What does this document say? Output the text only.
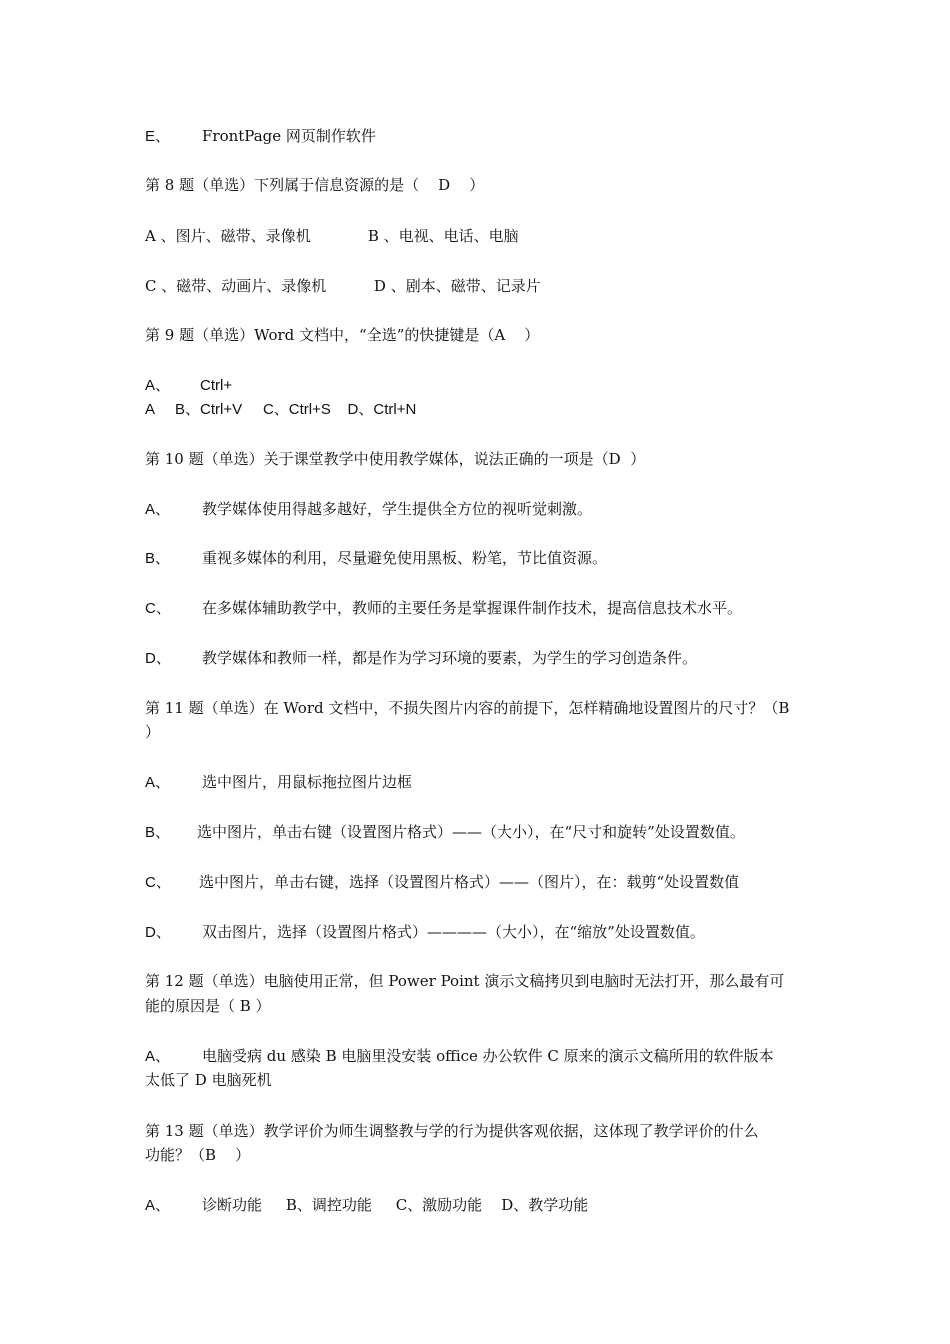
E、 FrontPage 网页制作软件
第 8 题（单选）下列属于信息资源的是（    D    ）
A 、图片、磁带、录像机            B 、电视、电话、电脑
C 、磁带、动画片、录像机          D 、剧本、磁带、记录片
第 9 题（单选）Word 文档中，“全选”的快捷键是（A    ）
A、 Ctrl+
A     B、Ctrl+V     C、Ctrl+S    D、Ctrl+N
第 10 题（单选）关于课堂教学中使用教学媒体，说法正确的一项是（D  ）
A、 教学媒体使用得越多越好，学生提供全方位的视听觉刺激。
B、 重视多媒体的利用，尽量避免使用黑板、粉笔，节比值资源。
C、 在多媒体辅助教学中，教师的主要任务是掌握课件制作技术，提高信息技术水平。
D、 教学媒体和教师一样，都是作为学习环境的要素，为学生的学习创造条件。
第 11 题（单选）在 Word 文档中，不损失图片内容的前提下，怎样精确地设置图片的尺寸？（B
）
A、 选中图片，用鼠标拖拉图片边框
B、 选中图片，单击右键（设置图片格式）——（大小），在“尺寸和旋转”处设置数值。
C、 选中图片，单击右键，选择（设置图片格式）——（图片），在：载剪“处设置数值
D、 双击图片，选择（设置图片格式）————（大小），在“缩放”处设置数值。
第 12 题（单选）电脑使用正常，但 Power Point 演示文稿拷贝到电脑时无法打开，那么最有可
能的原因是（ B ）
A、 电脑受病 du 感染 B 电脑里没安装 office 办公软件 C 原来的演示文稿所用的软件版本
太低了 D 电脑死机
第 13 题（单选）教学评价为师生调整教与学的行为提供客观依据，这体现了教学评价的什么
功能？（B    ）
A、 诊断功能     B、调控功能     C、激励功能    D、教学功能
